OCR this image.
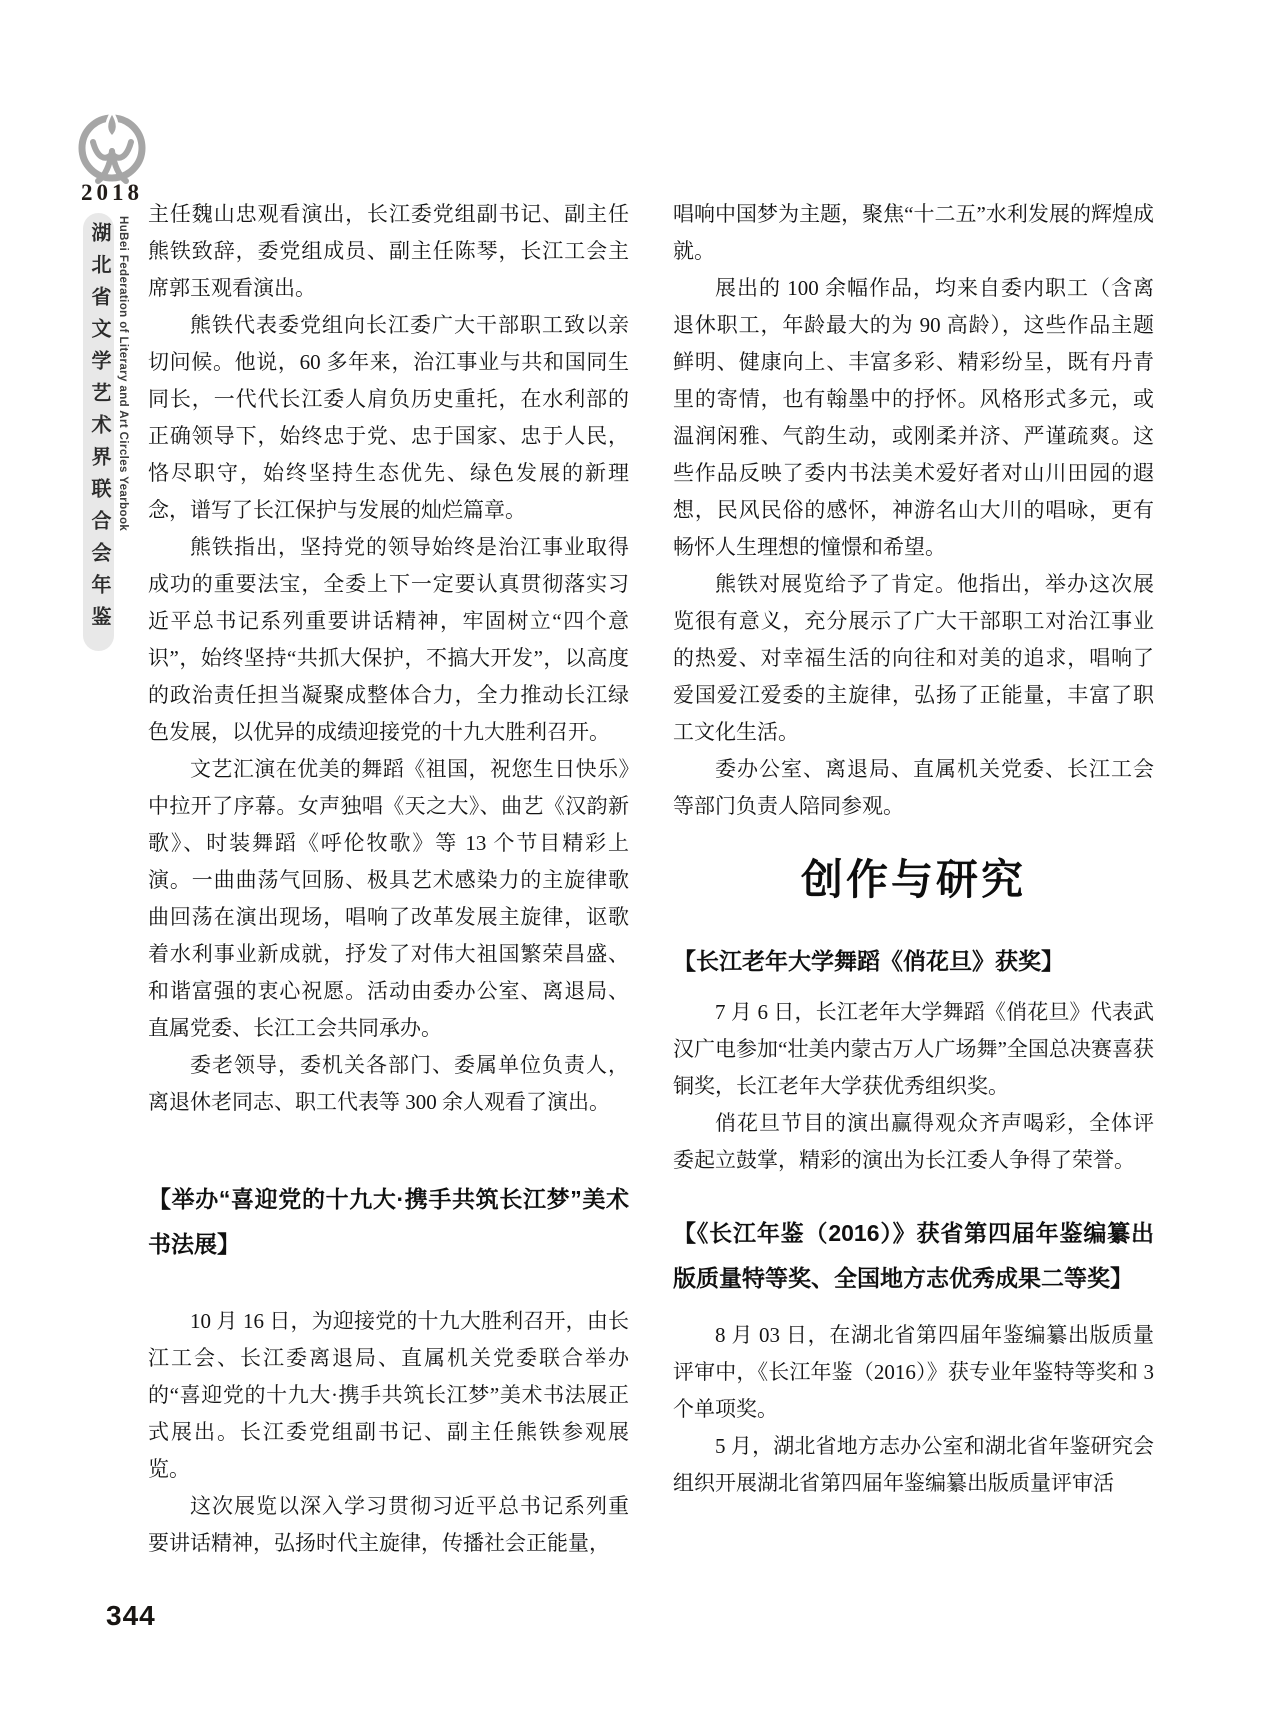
2018
湖北省文学艺术界联合会年鉴 HuBei Federation of Literary and Art Circles Yearbook

主任魏山忠观看演出，长江委党组副书记、副主任熊铁致辞，委党组成员、副主任陈琴，长江工会主席郭玉观看演出。

熊铁代表委党组向长江委广大干部职工致以亲切问候。他说，60 多年来，治江事业与共和国同生同长，一代代长江委人肩负历史重托，在水利部的正确领导下，始终忠于党、忠于国家、忠于人民，恪尽职守，始终坚持生态优先、绿色发展的新理念，谱写了长江保护与发展的灿烂篇章。

熊铁指出，坚持党的领导始终是治江事业取得成功的重要法宝，全委上下一定要认真贯彻落实习近平总书记系列重要讲话精神，牢固树立“四个意识”，始终坚持“共抓大保护，不搞大开发”，以高度的政治责任担当凝聚成整体合力，全力推动长江绿色发展，以优异的成绩迎接党的十九大胜利召开。

文艺汇演在优美的舞蹈《祖国，祝您生日快乐》中拉开了序幕。女声独唱《天之大》、曲艺《汉韵新歌》、时装舞蹈《呼伦牧歌》等 13 个节目精彩上演。一曲曲荡气回肠、极具艺术感染力的主旋律歌曲回荡在演出现场，唱响了改革发展主旋律，讴歌着水利事业新成就，抒发了对伟大祖国繁荣昌盛、和谐富强的衷心祝愿。活动由委办公室、离退局、直属党委、长江工会共同承办。

委老领导，委机关各部门、委属单位负责人，离退休老同志、职工代表等 300 余人观看了演出。

【举办“喜迎党的十九大·携手共筑长江梦”美术书法展】

10 月 16 日，为迎接党的十九大胜利召开，由长江工会、长江委离退局、直属机关党委联合举办的“喜迎党的十九大·携手共筑长江梦”美术书法展正式展出。长江委党组副书记、副主任熊铁参观展览。

这次展览以深入学习贯彻习近平总书记系列重要讲话精神，弘扬时代主旋律，传播社会正能量，

唱响中国梦为主题，聚焦“十二五”水利发展的辉煌成就。

展出的 100 余幅作品，均来自委内职工（含离退休职工，年龄最大的为 90 高龄），这些作品主题鲜明、健康向上、丰富多彩、精彩纷呈，既有丹青里的寄情，也有翰墨中的抒怀。风格形式多元，或温润闲雅、气韵生动，或刚柔并济、严谨疏爽。这些作品反映了委内书法美术爱好者对山川田园的遐想，民风民俗的感怀，神游名山大川的唱咏，更有畅怀人生理想的憧憬和希望。

熊铁对展览给予了肯定。他指出，举办这次展览很有意义，充分展示了广大干部职工对治江事业的热爱、对幸福生活的向往和对美的追求，唱响了爱国爱江爱委的主旋律，弘扬了正能量，丰富了职工文化生活。

委办公室、离退局、直属机关党委、长江工会等部门负责人陪同参观。

创作与研究
【长江老年大学舞蹈《俏花旦》获奖】

7 月 6 日，长江老年大学舞蹈《俏花旦》代表武汉广电参加“壮美内蒙古万人广场舞”全国总决赛喜获铜奖，长江老年大学获优秀组织奖。

俏花旦节目的演出赢得观众齐声喝彩，全体评委起立鼓掌，精彩的演出为长江委人争得了荣誉。

【《长江年鉴（2016）》获省第四届年鉴编纂出版质量特等奖、全国地方志优秀成果二等奖】

8 月 03 日，在湖北省第四届年鉴编纂出版质量评审中，《长江年鉴（2016）》获专业年鉴特等奖和 3 个单项奖。

5 月，湖北省地方志办公室和湖北省年鉴研究会组织开展湖北省第四届年鉴编纂出版质量评审活

344
